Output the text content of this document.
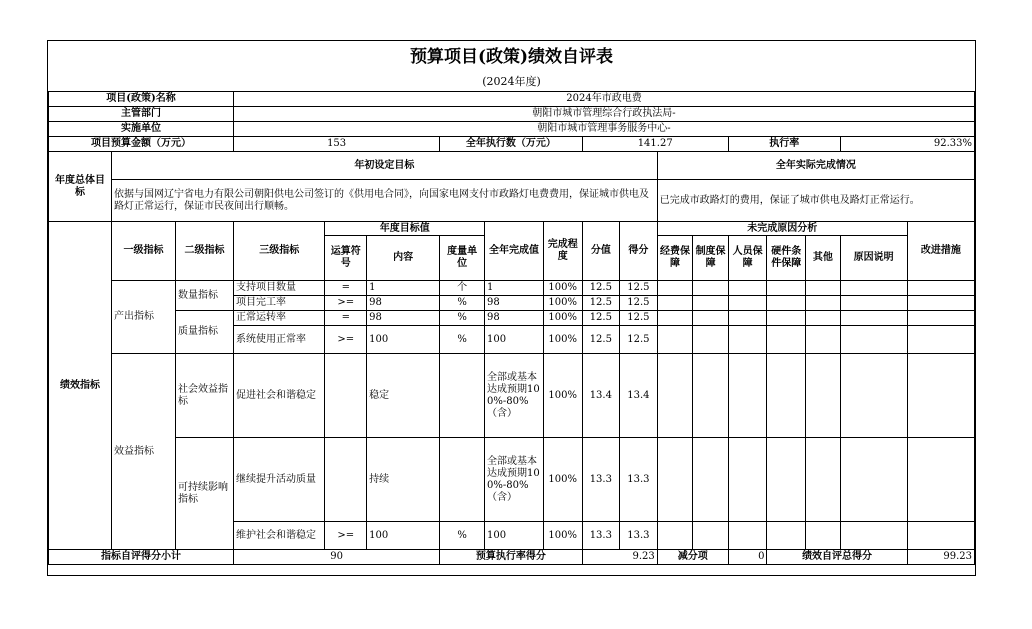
预算项目(政策)绩效自评表
(2024年度)
项目(政策)名称			2024年市政电费														
主管部门			朝阳市城市管理综合行政执法局-														
实施单位			朝阳市城市管理事务服务中心-														
项目预算金额（万元）			153			全年执行数（万元）			141.27				执行率			92.33%	
年度总体目标	年初设定目标										全年实际完成情况						
	依据与国网辽宁省电力有限公司朝阳供电公司签订的《供用电合同》，向国家电网支付市政路灯电费费用，保证城市供电及路灯正常运行，保证市民夜间出行顺畅。										已完成市政路灯的费用，保证了城市供电及路灯正常运行。						
绩效指标	一级指标	二级指标	三级指标	年度目标值			全年完成值	完成程度	分值	得分	未完成原因分析						改进措施
				运算符号	内容	度量单位					经费保障	制度保障	人员保障	硬件条件保障	其他	原因说明	

	产出指标	数量指标	支持项目数量	=	1	个	1	100%	12.5	12.5							
			项目完工率	>=	98	%	98	100%	12.5	12.5							
		质量指标	正常运转率	=	98	%	98	100%	12.5	12.5							
			系统使用正常率	>=	100	%	100	100%	12.5	12.5							
	效益指标	社会效益指标	促进社会和谐稳定		稳定		全部或基本达成预期100%-80%（含）	100%	13.4	13.4							
		可持续影响指标	继续提升活动质量		持续		全部或基本达成预期100%-80%（含）	100%	13.3	13.3							
			维护社会和谐稳定	>=	100	%	100	100%	13.3	13.3							
指标自评得分小计			90			预算执行率得分			9.23		减分项		0	绩效自评总得分			99.23
